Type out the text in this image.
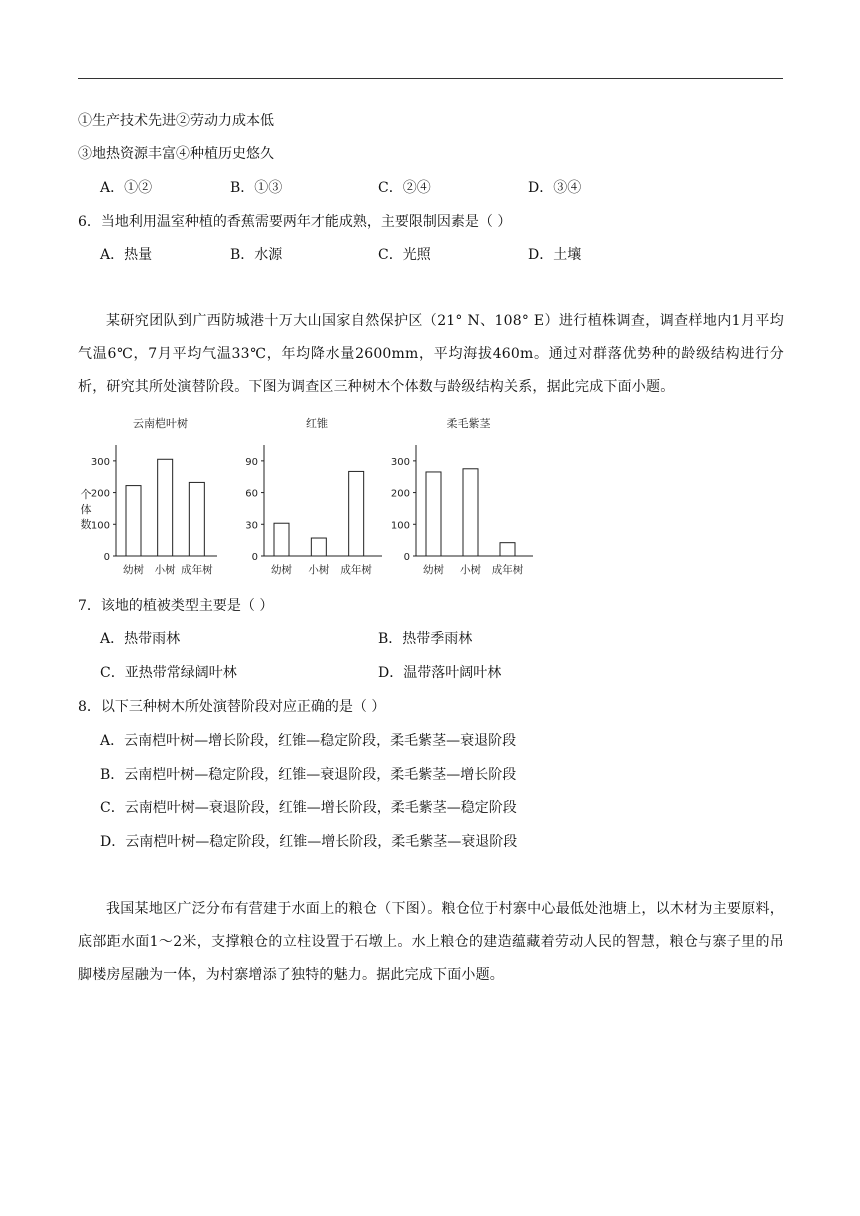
①生产技术先进②劳动力成本低
③地热资源丰富④种植历史悠久
A．①②	B．①③	C．②④	D．③④
6．当地利用温室种植的香蕉需要两年才能成熟，主要限制因素是（ ）
A．热量	B．水源	C．光照	D．土壤
某研究团队到广西防城港十万大山国家自然保护区（21° N、108° E）进行植株调查，调查样地内1月平均气温6℃，7月平均气温33℃，年均降水量2600mm，平均海拔460m。通过对群落优势种的龄级结构进行分析，研究其所处演替阶段。下图为调查区三种树木个体数与龄级结构关系，据此完成下面小题。
云南桤叶树
0
100
200
300
幼树 小树 成年树
个
体
数
红锥
0
30
60
90
幼树 小树 成年树
柔毛紫茎
0
100
200
300
幼树 小树 成年树
7．该地的植被类型主要是（ ）
A．热带雨林	B．热带季雨林
C．亚热带常绿阔叶林	D．温带落叶阔叶林
8．以下三种树木所处演替阶段对应正确的是（ ）
A．云南桤叶树—增长阶段，红锥—稳定阶段，柔毛紫茎—衰退阶段
B．云南桤叶树—稳定阶段，红锥—衰退阶段，柔毛紫茎—增长阶段
C．云南桤叶树—衰退阶段，红锥—增长阶段，柔毛紫茎—稳定阶段
D．云南桤叶树—稳定阶段，红锥—增长阶段，柔毛紫茎—衰退阶段
我国某地区广泛分布有营建于水面上的粮仓（下图）。粮仓位于村寨中心最低处池塘上，以木材为主要原料，底部距水面1～2米，支撑粮仓的立柱设置于石墩上。水上粮仓的建造蕴藏着劳动人民的智慧，粮仓与寨子里的吊脚楼房屋融为一体，为村寨增添了独特的魅力。据此完成下面小题。
